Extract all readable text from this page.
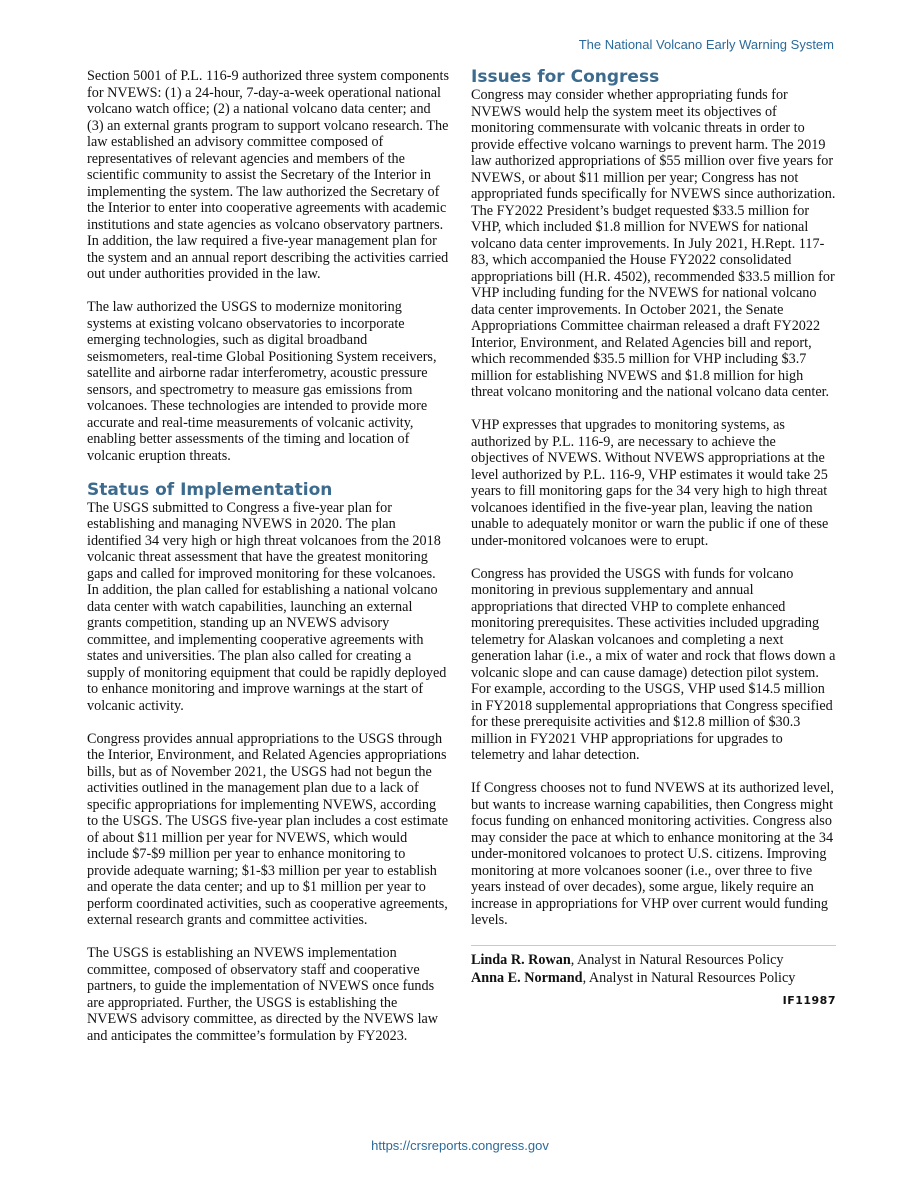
The National Volcano Early Warning System

Section 5001 of P.L. 116-9 authorized three system components for NVEWS: (1) a 24-hour, 7-day-a-week operational national volcano watch office; (2) a national volcano data center; and (3) an external grants program to support volcano research. The law established an advisory committee composed of representatives of relevant agencies and members of the scientific community to assist the Secretary of the Interior in implementing the system. The law authorized the Secretary of the Interior to enter into cooperative agreements with academic institutions and state agencies as volcano observatory partners. In addition, the law required a five-year management plan for the system and an annual report describing the activities carried out under authorities provided in the law.

The law authorized the USGS to modernize monitoring systems at existing volcano observatories to incorporate emerging technologies, such as digital broadband seismometers, real-time Global Positioning System receivers, satellite and airborne radar interferometry, acoustic pressure sensors, and spectrometry to measure gas emissions from volcanoes. These technologies are intended to provide more accurate and real-time measurements of volcanic activity, enabling better assessments of the timing and location of volcanic eruption threats.

Status of Implementation

The USGS submitted to Congress a five-year plan for establishing and managing NVEWS in 2020. The plan identified 34 very high or high threat volcanoes from the 2018 volcanic threat assessment that have the greatest monitoring gaps and called for improved monitoring for these volcanoes. In addition, the plan called for establishing a national volcano data center with watch capabilities, launching an external grants competition, standing up an NVEWS advisory committee, and implementing cooperative agreements with states and universities. The plan also called for creating a supply of monitoring equipment that could be rapidly deployed to enhance monitoring and improve warnings at the start of volcanic activity.

Congress provides annual appropriations to the USGS through the Interior, Environment, and Related Agencies appropriations bills, but as of November 2021, the USGS had not begun the activities outlined in the management plan due to a lack of specific appropriations for implementing NVEWS, according to the USGS. The USGS five-year plan includes a cost estimate of about $11 million per year for NVEWS, which would include $7-$9 million per year to enhance monitoring to provide adequate warning; $1-$3 million per year to establish and operate the data center; and up to $1 million per year to perform coordinated activities, such as cooperative agreements, external research grants and committee activities.

The USGS is establishing an NVEWS implementation committee, composed of observatory staff and cooperative partners, to guide the implementation of NVEWS once funds are appropriated. Further, the USGS is establishing the NVEWS advisory committee, as directed by the NVEWS law and anticipates the committee’s formulation by FY2023.

Issues for Congress

Congress may consider whether appropriating funds for NVEWS would help the system meet its objectives of monitoring commensurate with volcanic threats in order to provide effective volcano warnings to prevent harm. The 2019 law authorized appropriations of $55 million over five years for NVEWS, or about $11 million per year; Congress has not appropriated funds specifically for NVEWS since authorization. The FY2022 President’s budget requested $33.5 million for VHP, which included $1.8 million for NVEWS for national volcano data center improvements. In July 2021, H.Rept. 117-83, which accompanied the House FY2022 consolidated appropriations bill (H.R. 4502), recommended $33.5 million for VHP including funding for the NVEWS for national volcano data center improvements. In October 2021, the Senate Appropriations Committee chairman released a draft FY2022 Interior, Environment, and Related Agencies bill and report, which recommended $35.5 million for VHP including $3.7 million for establishing NVEWS and $1.8 million for high threat volcano monitoring and the national volcano data center.

VHP expresses that upgrades to monitoring systems, as authorized by P.L. 116-9, are necessary to achieve the objectives of NVEWS. Without NVEWS appropriations at the level authorized by P.L. 116-9, VHP estimates it would take 25 years to fill monitoring gaps for the 34 very high to high threat volcanoes identified in the five-year plan, leaving the nation unable to adequately monitor or warn the public if one of these under-monitored volcanoes were to erupt.

Congress has provided the USGS with funds for volcano monitoring in previous supplementary and annual appropriations that directed VHP to complete enhanced monitoring prerequisites. These activities included upgrading telemetry for Alaskan volcanoes and completing a next generation lahar (i.e., a mix of water and rock that flows down a volcanic slope and can cause damage) detection pilot system. For example, according to the USGS, VHP used $14.5 million in FY2018 supplemental appropriations that Congress specified for these prerequisite activities and $12.8 million of $30.3 million in FY2021 VHP appropriations for upgrades to telemetry and lahar detection.

If Congress chooses not to fund NVEWS at its authorized level, but wants to increase warning capabilities, then Congress might focus funding on enhanced monitoring activities. Congress also may consider the pace at which to enhance monitoring at the 34 under-monitored volcanoes to protect U.S. citizens. Improving monitoring at more volcanoes sooner (i.e., over three to five years instead of over decades), some argue, likely require an increase in appropriations for VHP over current would funding levels.

Linda R. Rowan, Analyst in Natural Resources Policy
Anna E. Normand, Analyst in Natural Resources Policy
IF11987
https://crsreports.congress.gov
